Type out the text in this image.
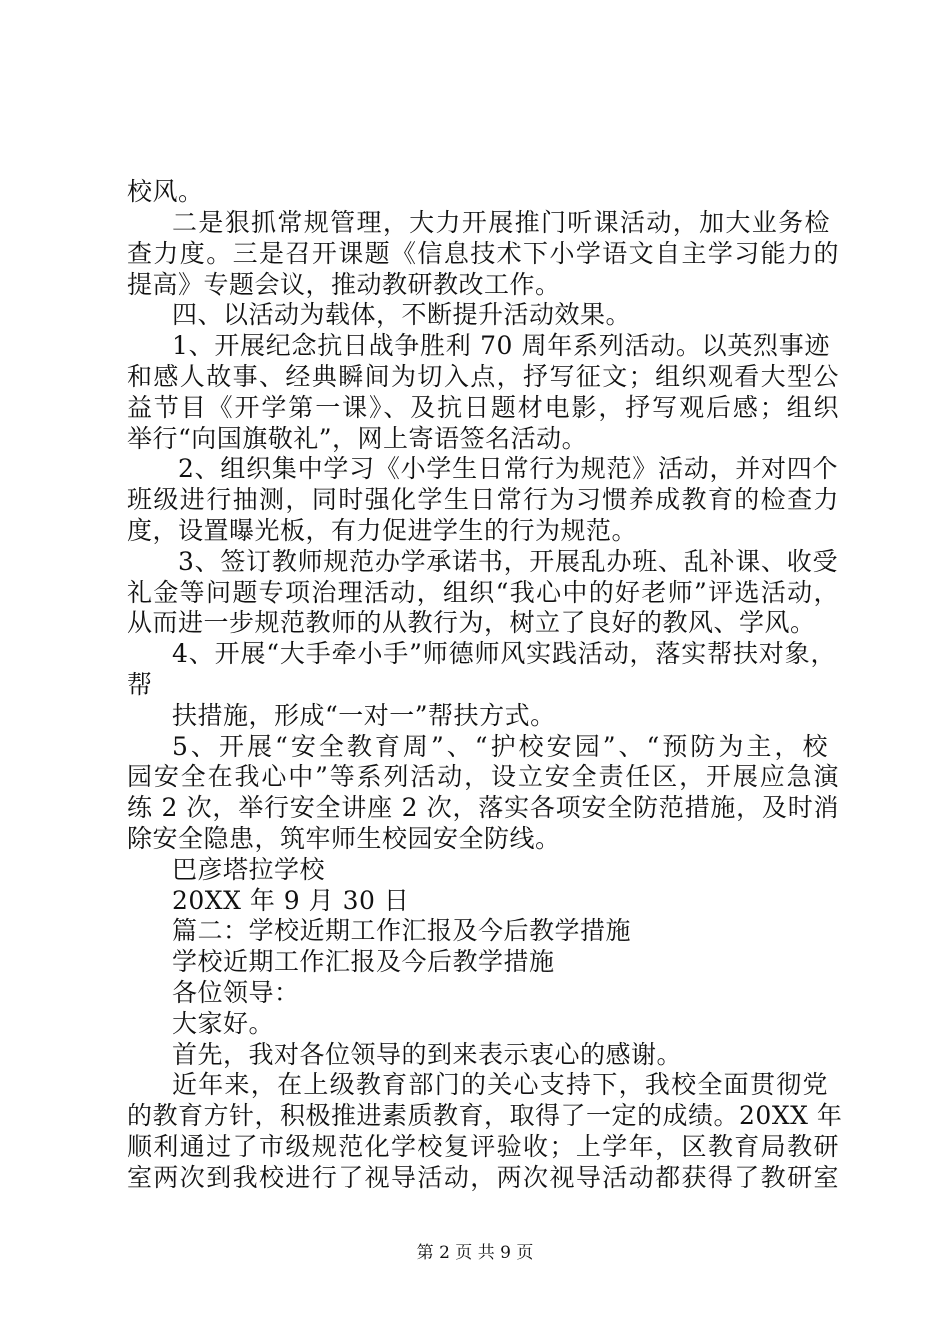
校风。
二是狠抓常规管理，大力开展推门听课活动，加大业务检
查力度。三是召开课题《信息技术下小学语文自主学习能力的
提高》专题会议，推动教研教改工作。
四、以活动为载体，不断提升活动效果。
1、开展纪念抗日战争胜利 70 周年系列活动。以英烈事迹
和感人故事、经典瞬间为切入点，抒写征文；组织观看大型公
益节目《开学第一课》、及抗日题材电影，抒写观后感；组织
举行“向国旗敬礼”，网上寄语签名活动。
2、组织集中学习《小学生日常行为规范》活动，并对四个
班级进行抽测，同时强化学生日常行为习惯养成教育的检查力
度，设置曝光板，有力促进学生的行为规范。
3、签订教师规范办学承诺书，开展乱办班、乱补课、收受
礼金等问题专项治理活动，组织“我心中的好老师”评选活动，
从而进一步规范教师的从教行为，树立了良好的教风、学风。
4、开展“大手牵小手”师德师风实践活动，落实帮扶对象，
帮
扶措施，形成“一对一”帮扶方式。
5、开展“安全教育周”、“护校安园”、“预防为主，校
园安全在我心中”等系列活动，设立安全责任区，开展应急演
练 2 次，举行安全讲座 2 次，落实各项安全防范措施，及时消
除安全隐患，筑牢师生校园安全防线。
巴彦塔拉学校
20XX 年 9 月 30 日
篇二：学校近期工作汇报及今后教学措施
学校近期工作汇报及今后教学措施
各位领导：
大家好。
首先，我对各位领导的到来表示衷心的感谢。
近年来，在上级教育部门的关心支持下，我校全面贯彻党
的教育方针，积极推进素质教育，取得了一定的成绩。20XX 年
顺利通过了市级规范化学校复评验收；上学年，区教育局教研
室两次到我校进行了视导活动，两次视导活动都获得了教研室
第 2 页 共 9 页
